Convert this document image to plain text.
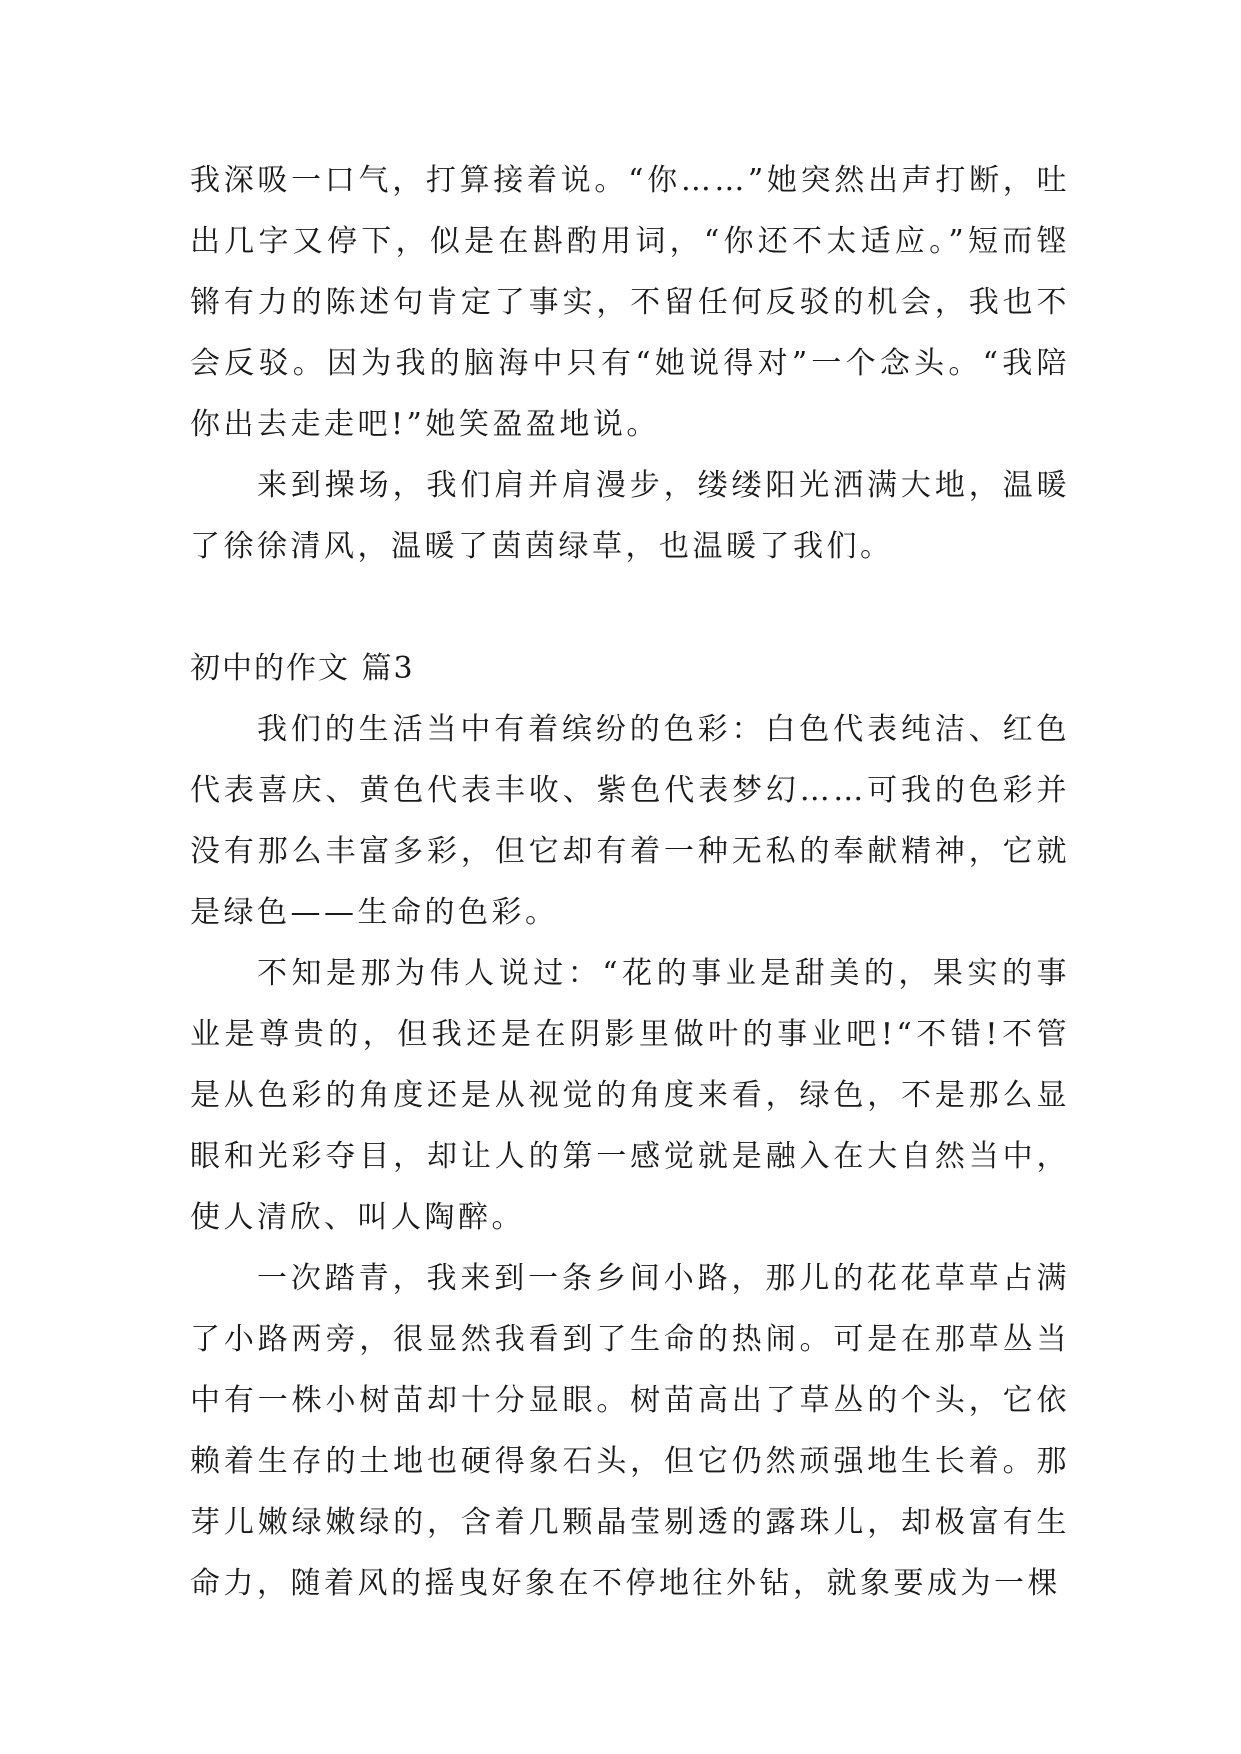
我深吸一口气，打算接着说。“你……”她突然出声打断，吐出几字又停下，似是在斟酌用词，“你还不太适应。”短而铿锵有力的陈述句肯定了事实，不留任何反驳的机会，我也不会反驳。因为我的脑海中只有“她说得对”一个念头。“我陪你出去走走吧!”她笑盈盈地说。

来到操场，我们肩并肩漫步，缕缕阳光洒满大地，温暖了徐徐清风，温暖了茵茵绿草，也温暖了我们。

初中的作文 篇3

我们的生活当中有着缤纷的色彩：白色代表纯洁、红色代表喜庆、黄色代表丰收、紫色代表梦幻……可我的色彩并没有那么丰富多彩，但它却有着一种无私的奉献精神，它就是绿色——生命的色彩。

不知是那为伟人说过：“花的事业是甜美的，果实的事业是尊贵的，但我还是在阴影里做叶的事业吧!“不错!不管是从色彩的角度还是从视觉的角度来看，绿色，不是那么显眼和光彩夺目，却让人的第一感觉就是融入在大自然当中，使人清欣、叫人陶醉。

一次踏青，我来到一条乡间小路，那儿的花花草草占满了小路两旁，很显然我看到了生命的热闹。可是在那草丛当中有一株小树苗却十分显眼。树苗高出了草丛的个头，它依赖着生存的土地也硬得象石头，但它仍然顽强地生长着。那芽儿嫩绿嫩绿的，含着几颗晶莹剔透的露珠儿，却极富有生命力，随着风的摇曳好象在不停地往外钻，就象要成为一棵
